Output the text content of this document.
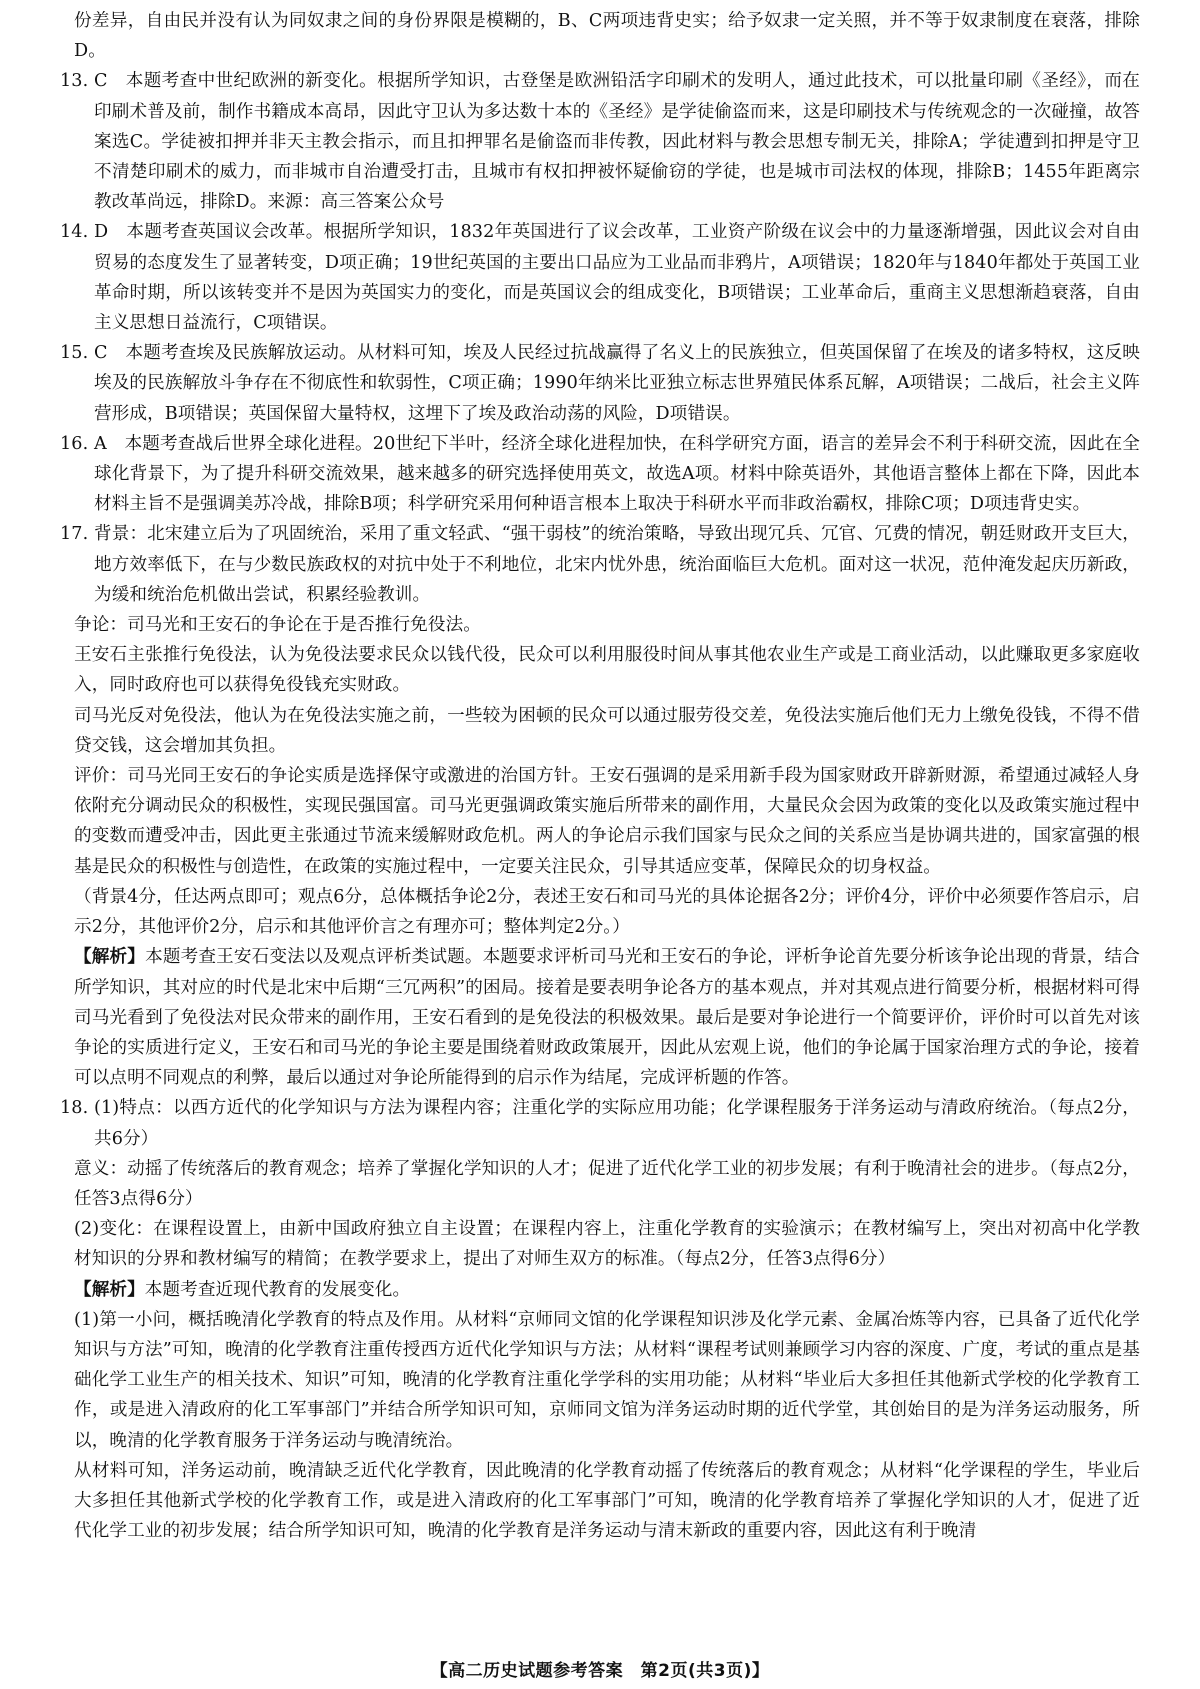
份差异，自由民并没有认为同奴隶之间的身份界限是模糊的，B、C两项违背史实；给予奴隶一定关照，并不等于奴隶制度在衰落，排除D。

13. C　本题考查中世纪欧洲的新变化。根据所学知识，古登堡是欧洲铅活字印刷术的发明人，通过此技术，可以批量印刷《圣经》，而在印刷术普及前，制作书籍成本高昂，因此守卫认为多达数十本的《圣经》是学徒偷盗而来，这是印刷技术与传统观念的一次碰撞，故答案选C。学徒被扣押并非天主教会指示，而且扣押罪名是偷盗而非传教，因此材料与教会思想专制无关，排除A；学徒遭到扣押是守卫不清楚印刷术的威力，而非城市自治遭受打击，且城市有权扣押被怀疑偷窃的学徒，也是城市司法权的体现，排除B；1455年距离宗教改革尚远，排除D。来源：高三答案公众号

14. D　本题考查英国议会改革。根据所学知识，1832年英国进行了议会改革，工业资产阶级在议会中的力量逐渐增强，因此议会对自由贸易的态度发生了显著转变，D项正确；19世纪英国的主要出口品应为工业品而非鸦片，A项错误；1820年与1840年都处于英国工业革命时期，所以该转变并不是因为英国实力的变化，而是英国议会的组成变化，B项错误；工业革命后，重商主义思想渐趋衰落，自由主义思想日益流行，C项错误。

15. C　本题考查埃及民族解放运动。从材料可知，埃及人民经过抗战赢得了名义上的民族独立，但英国保留了在埃及的诸多特权，这反映埃及的民族解放斗争存在不彻底性和软弱性，C项正确；1990年纳米比亚独立标志世界殖民体系瓦解，A项错误；二战后，社会主义阵营形成，B项错误；英国保留大量特权，这埋下了埃及政治动荡的风险，D项错误。

16. A　本题考查战后世界全球化进程。20世纪下半叶，经济全球化进程加快，在科学研究方面，语言的差异会不利于科研交流，因此在全球化背景下，为了提升科研交流效果，越来越多的研究选择使用英文，故选A项。材料中除英语外，其他语言整体上都在下降，因此本材料主旨不是强调美苏冷战，排除B项；科学研究采用何种语言根本上取决于科研水平而非政治霸权，排除C项；D项违背史实。

17. 背景：北宋建立后为了巩固统治，采用了重文轻武、“强干弱枝”的统治策略，导致出现冗兵、冗官、冗费的情况，朝廷财政开支巨大，地方效率低下，在与少数民族政权的对抗中处于不利地位，北宋内忧外患，统治面临巨大危机。面对这一状况，范仲淹发起庆历新政，为缓和统治危机做出尝试，积累经验教训。

争论：司马光和王安石的争论在于是否推行免役法。

王安石主张推行免役法，认为免役法要求民众以钱代役，民众可以利用服役时间从事其他农业生产或是工商业活动，以此赚取更多家庭收入，同时政府也可以获得免役钱充实财政。

司马光反对免役法，他认为在免役法实施之前，一些较为困顿的民众可以通过服劳役交差，免役法实施后他们无力上缴免役钱，不得不借贷交钱，这会增加其负担。

评价：司马光同王安石的争论实质是选择保守或激进的治国方针。王安石强调的是采用新手段为国家财政开辟新财源，希望通过减轻人身依附充分调动民众的积极性，实现民强国富。司马光更强调政策实施后所带来的副作用，大量民众会因为政策的变化以及政策实施过程中的变数而遭受冲击，因此更主张通过节流来缓解财政危机。两人的争论启示我们国家与民众之间的关系应当是协调共进的，国家富强的根基是民众的积极性与创造性，在政策的实施过程中，一定要关注民众，引导其适应变革，保障民众的切身权益。

（背景4分，任达两点即可；观点6分，总体概括争论2分，表述王安石和司马光的具体论据各2分；评价4分，评价中必须要作答启示，启示2分，其他评价2分，启示和其他评价言之有理亦可；整体判定2分。）

【解析】本题考查王安石变法以及观点评析类试题。本题要求评析司马光和王安石的争论，评析争论首先要分析该争论出现的背景，结合所学知识，其对应的时代是北宋中后期“三冗两积”的困局。接着是要表明争论各方的基本观点，并对其观点进行简要分析，根据材料可得司马光看到了免役法对民众带来的副作用，王安石看到的是免役法的积极效果。最后是要对争论进行一个简要评价，评价时可以首先对该争论的实质进行定义，王安石和司马光的争论主要是围绕着财政政策展开，因此从宏观上说，他们的争论属于国家治理方式的争论，接着可以点明不同观点的利弊，最后以通过对争论所能得到的启示作为结尾，完成评析题的作答。

18. (1)特点：以西方近代的化学知识与方法为课程内容；注重化学的实际应用功能；化学课程服务于洋务运动与清政府统治。（每点2分，共6分）

意义：动摇了传统落后的教育观念；培养了掌握化学知识的人才；促进了近代化学工业的初步发展；有利于晚清社会的进步。（每点2分，任答3点得6分）

(2)变化：在课程设置上，由新中国政府独立自主设置；在课程内容上，注重化学教育的实验演示；在教材编写上，突出对初高中化学教材知识的分界和教材编写的精简；在教学要求上，提出了对师生双方的标准。（每点2分，任答3点得6分）

【解析】本题考查近现代教育的发展变化。

(1)第一小问，概括晚清化学教育的特点及作用。从材料“京师同文馆的化学课程知识涉及化学元素、金属冶炼等内容，已具备了近代化学知识与方法”可知，晚清的化学教育注重传授西方近代化学知识与方法；从材料“课程考试则兼顾学习内容的深度、广度，考试的重点是基础化学工业生产的相关技术、知识”可知，晚清的化学教育注重化学学科的实用功能；从材料“毕业后大多担任其他新式学校的化学教育工作，或是进入清政府的化工军事部门”并结合所学知识可知，京师同文馆为洋务运动时期的近代学堂，其创始目的是为洋务运动服务，所以，晚清的化学教育服务于洋务运动与晚清统治。

从材料可知，洋务运动前，晚清缺乏近代化学教育，因此晚清的化学教育动摇了传统落后的教育观念；从材料“化学课程的学生，毕业后大多担任其他新式学校的化学教育工作，或是进入清政府的化工军事部门”可知，晚清的化学教育培养了掌握化学知识的人才，促进了近代化学工业的初步发展；结合所学知识可知，晚清的化学教育是洋务运动与清末新政的重要内容，因此这有利于晚清

【高二历史试题参考答案　第2页(共3页)】
